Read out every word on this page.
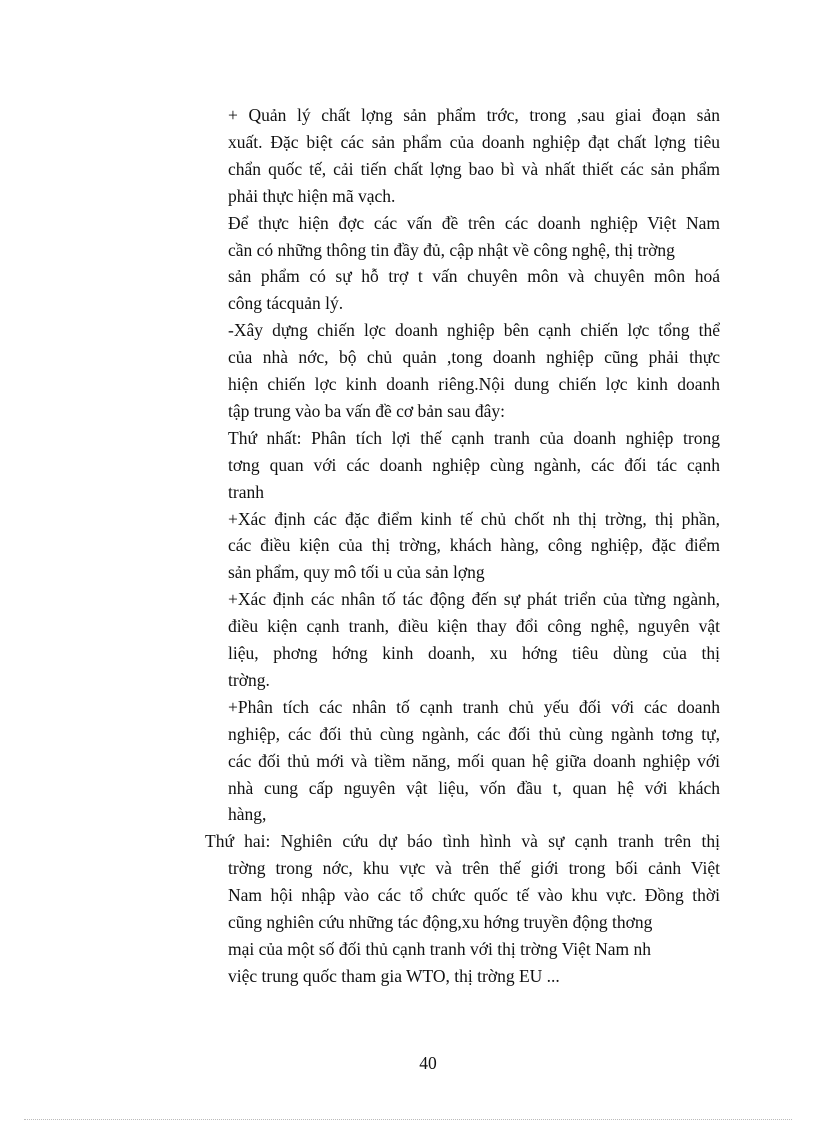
+ Quản lý chất lợng sản phẩm trớc, trong ,sau giai đoạn sản
xuất. Đặc biệt các sản phẩm của doanh nghiệp đạt chất lợng tiêu
chẩn quốc tế, cải tiến chất lợng bao bì và nhất thiết các sản phẩm
phải thực hiện mã vạch.
Để thực hiện đợc các vấn đề trên các doanh nghiệp Việt Nam
cần có những thông tin đầy đủ, cập nhật về công nghệ, thị trờng
sản phẩm có sự hỗ trợ t vấn chuyên môn và chuyên môn hoá
công tácquản lý.
-Xây dựng chiến lợc doanh nghiệp bên cạnh chiến lợc tổng thể
của nhà nớc, bộ chủ quản ,tong doanh nghiệp cũng phải thực
hiện chiến lợc kinh doanh riêng.Nội dung chiến lợc kinh doanh
tập trung vào ba vấn đề cơ bản sau đây:
Thứ nhất: Phân tích lợi thế cạnh tranh của doanh nghiệp trong
tơng quan với các doanh nghiệp cùng ngành, các đối tác cạnh
tranh
+Xác định các đặc điểm kinh tế chủ chốt nh thị trờng, thị phần,
các điều kiện của thị trờng, khách hàng, công nghiệp, đặc điểm
sản phẩm, quy mô tối u của sản lợng
+Xác định các nhân tố tác động đến sự phát triển của từng ngành,
điều kiện cạnh tranh, điều kiện thay đổi công nghệ, nguyên vật
liệu, phơng hớng kinh doanh, xu hớng tiêu dùng của thị
trờng.
+Phân tích các nhân tố cạnh tranh chủ yếu đối với các doanh
nghiệp, các đối thủ cùng ngành, các đối thủ cùng ngành tơng tự,
các đối thủ mới và tiềm năng, mối quan hệ giữa doanh nghiệp với
nhà cung cấp nguyên vật liệu, vốn đầu t, quan hệ với khách
hàng,
Thứ hai: Nghiên cứu dự báo tình hình và sự cạnh tranh trên thị
trờng trong nớc, khu vực và trên thế giới trong bối cảnh Việt
Nam hội nhập vào các tổ chức quốc tế vào khu vực. Đồng thời
cũng nghiên cứu những tác động,xu hớng truyền động thơng
mại của một số đối thủ cạnh tranh với thị trờng Việt Nam nh
việc trung quốc tham gia WTO, thị trờng EU ...
40
